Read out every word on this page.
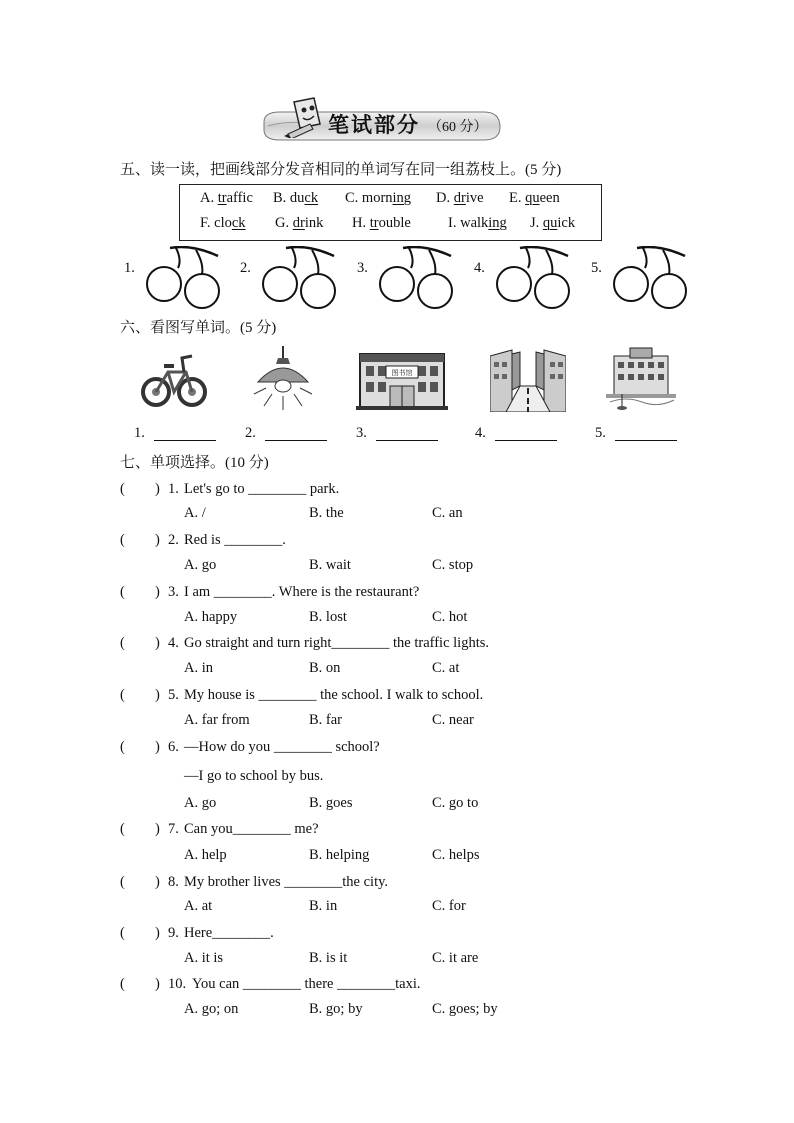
笔试部分 （60 分）
五、读一读，把画线部分发音相同的单词写在同一组荔枝上。(5 分)
A. traffic B. duck C. morning D. drive E. queen
F. clock G. drink H. trouble	I. walking J. quick
1.	2.	3.	4.	5.
六、看图写单词。(5 分)
图书馆
1.	2.	3.	4.	5.
七、单项选择。(10 分)
( ) 1. Let's go to ________ park.
A. /	B. the	C. an
( ) 2. Red is ________.
A. go	B. wait	C. stop
( ) 3. I am ________. Where is the restaurant?
A. happy	B. lost	C. hot
( ) 4. Go straight and turn right________ the traffic lights.
A. in	B. on	C. at
( ) 5. My house is ________ the school. I walk to school.
A. far from	B. far	C. near
( ) 6. —How do you ________ school?
—I go to school by bus.
A. go	B. goes	C. go to
( ) 7. Can you________ me?
A. help	B. helping	C. helps
( ) 8. My brother lives ________the city.
A. at	B. in	C. for
( ) 9. Here________.
A. it is	B. is it	C. it are
( ) 10. You can ________ there ________taxi.
A. go; on	B. go; by	C. goes; by
